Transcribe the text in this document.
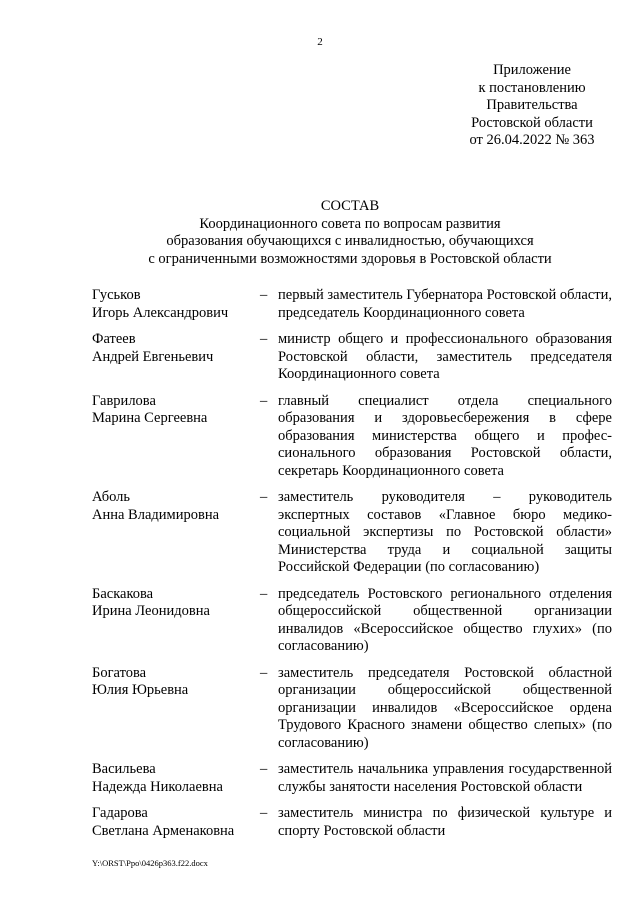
2
Приложение
к постановлению
Правительства
Ростовской области
от 26.04.2022 № 363
СОСТАВ
Координационного совета по вопросам развития
образования обучающихся с инвалидностью, обучающихся
с ограниченными возможностями здоровья в Ростовской области
Гуськов
Игорь Александрович
– первый заместитель Губернатора Ростовской области, председатель Координационного совета
Фатеев
Андрей Евгеньевич
– министр общего и профессионального образования Ростовской области, заместитель председателя Координационного совета
Гаврилова
Марина Сергеевна
– главный специалист отдела специального образования и здоровьесбережения в сфере образования министерства общего и профессионального образования Ростовской области, секретарь Координационного совета
Аболь
Анна Владимировна
– заместитель руководителя – руководитель экспертных составов «Главное бюро медико-социальной экспертизы по Ростовской области» Министерства труда и социальной защиты Российской Федерации (по согласованию)
Баскакова
Ирина Леонидовна
– председатель Ростовского регионального отделения общероссийской общественной организации инвалидов «Всероссийское общество глухих» (по согласованию)
Богатова
Юлия Юрьевна
– заместитель председателя Ростовской областной организации общероссийской общественной организации инвалидов «Всероссийское ордена Трудового Красного знамени общество слепых» (по согласованию)
Васильева
Надежда Николаевна
– заместитель начальника управления государственной службы занятости населения Ростовской области
Гадарова
Светлана Арменаковна
– заместитель министра по физической культуре и спорту Ростовской области
Y:\ORST\Ppo\0426p363.f22.docx
